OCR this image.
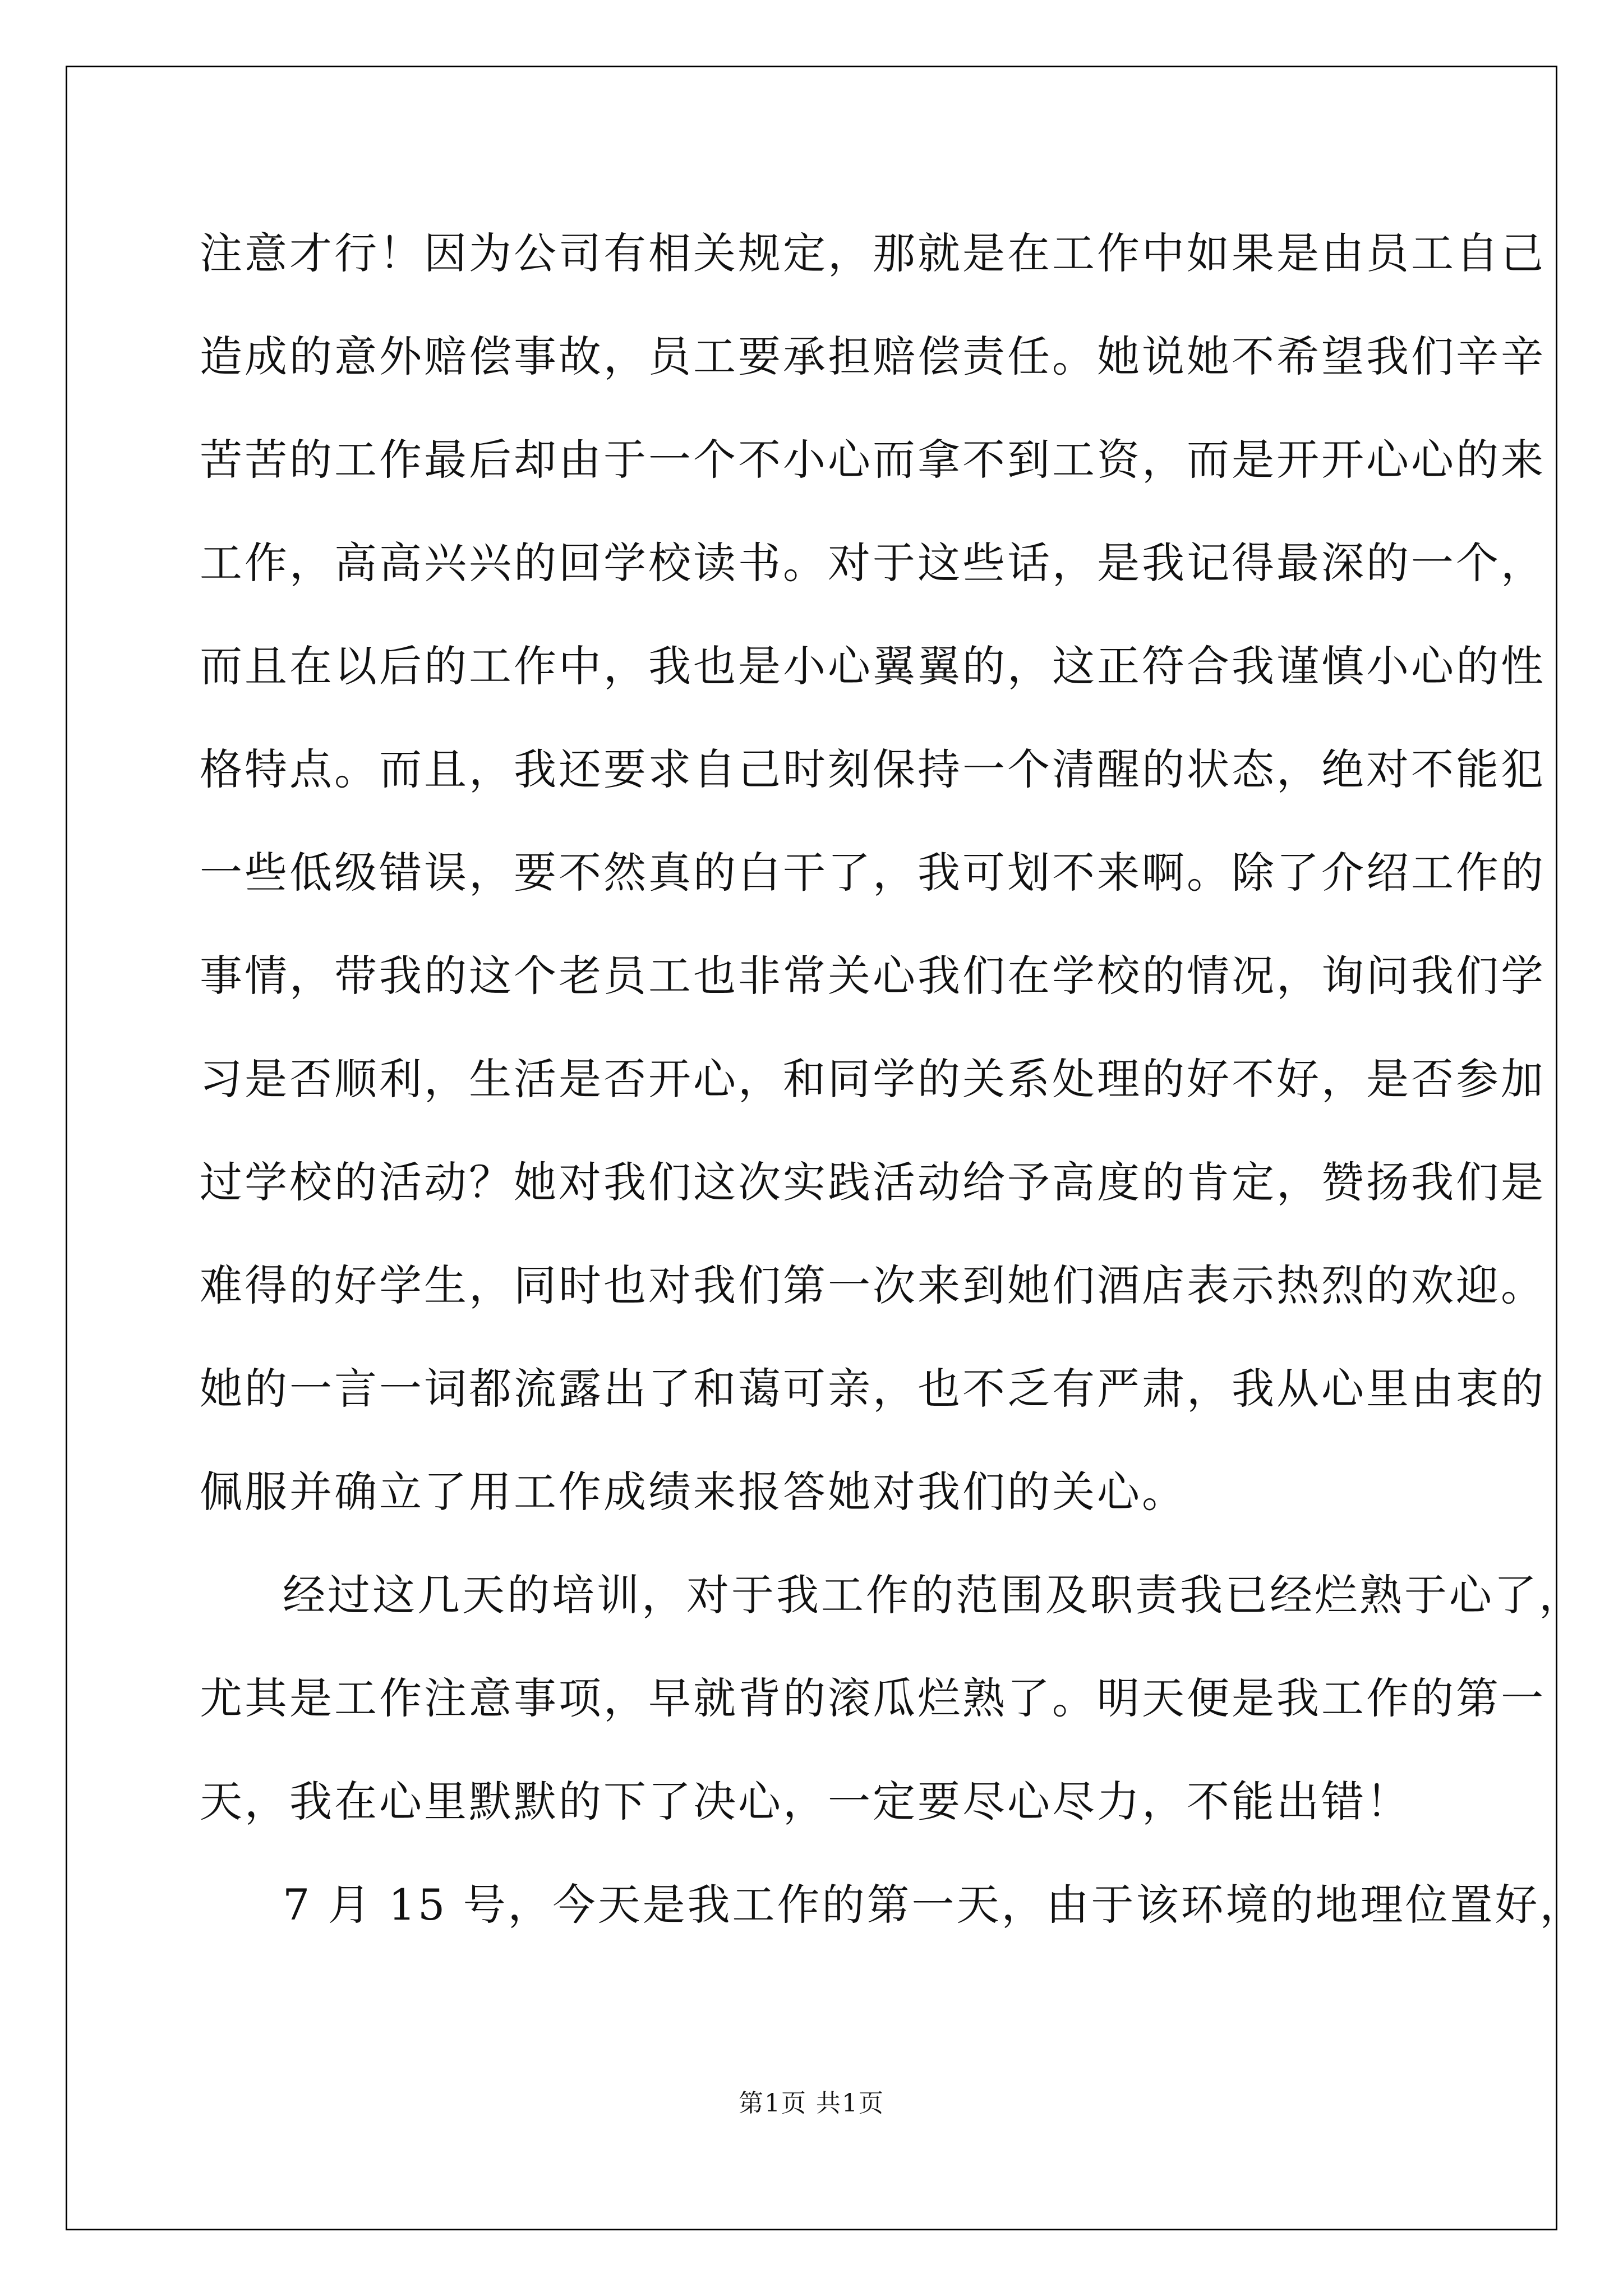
注意才行！因为公司有相关规定，那就是在工作中如果是由员工自己
造成的意外赔偿事故，员工要承担赔偿责任。她说她不希望我们辛辛
苦苦的工作最后却由于一个不小心而拿不到工资，而是开开心心的来
工作，高高兴兴的回学校读书。对于这些话，是我记得最深的一个，
而且在以后的工作中，我也是小心翼翼的，这正符合我谨慎小心的性
格特点。而且，我还要求自己时刻保持一个清醒的状态，绝对不能犯
一些低级错误，要不然真的白干了，我可划不来啊。除了介绍工作的
事情，带我的这个老员工也非常关心我们在学校的情况，询问我们学
习是否顺利，生活是否开心，和同学的关系处理的好不好，是否参加
过学校的活动？她对我们这次实践活动给予高度的肯定，赞扬我们是
难得的好学生，同时也对我们第一次来到她们酒店表示热烈的欢迎。
她的一言一词都流露出了和蔼可亲，也不乏有严肃，我从心里由衷的
佩服并确立了用工作成绩来报答她对我们的关心。
经过这几天的培训，对于我工作的范围及职责我已经烂熟于心了，
尤其是工作注意事项，早就背的滚瓜烂熟了。明天便是我工作的第一
天，我在心里默默的下了决心，一定要尽心尽力，不能出错！
7 月 15 号，今天是我工作的第一天，由于该环境的地理位置好，
第1页 共1页
